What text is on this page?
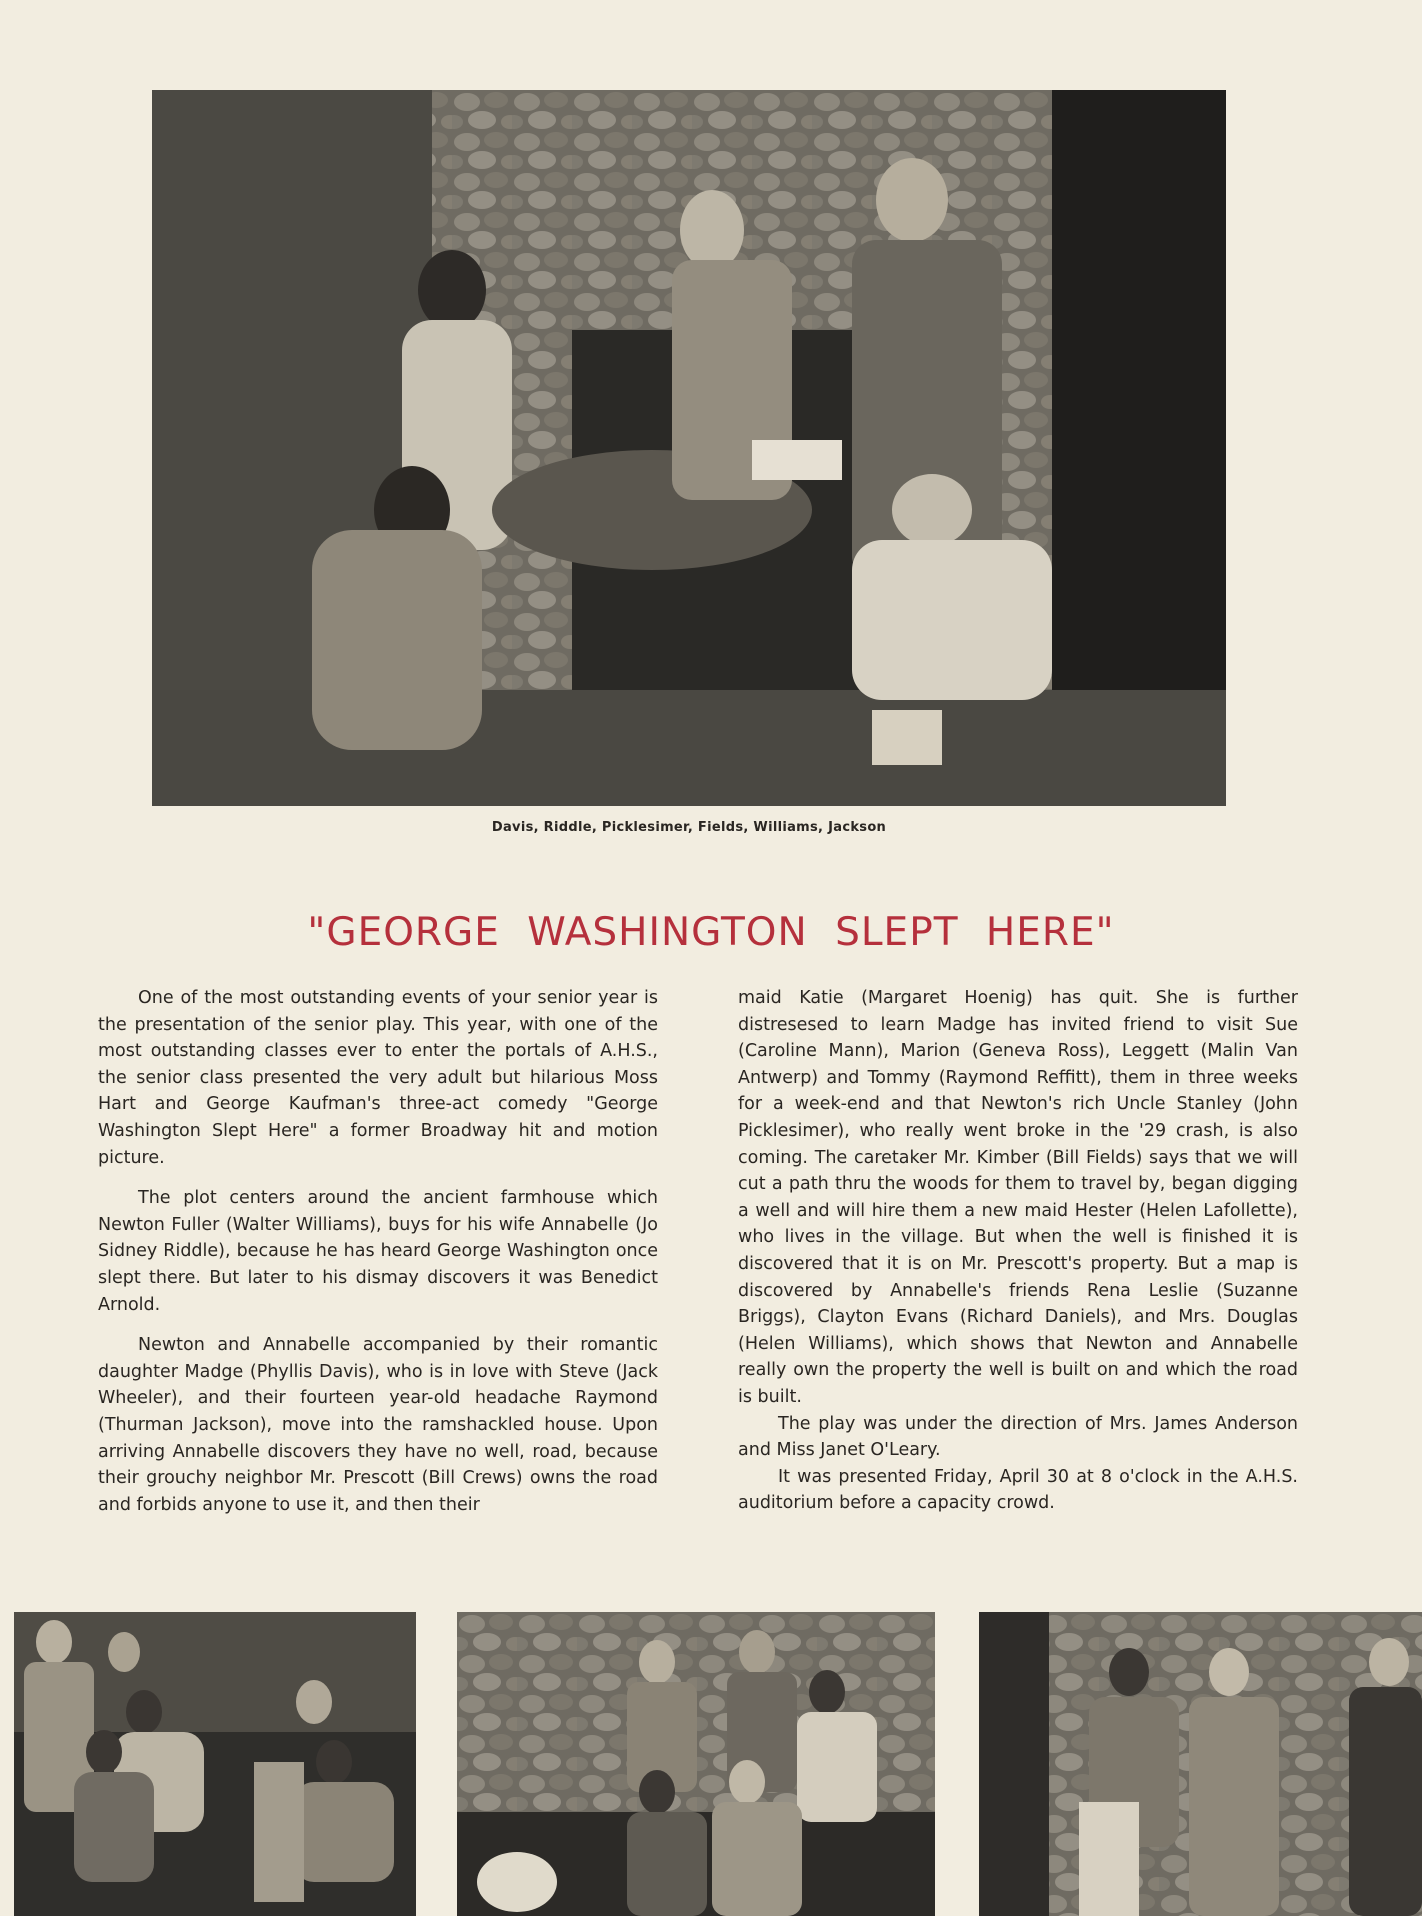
Davis, Riddle, Picklesimer, Fields, Williams, Jackson
"GEORGE WASHINGTON SLEPT HERE"

One of the most outstanding events of your senior year is the presentation of the senior play. This year, with one of the most outstanding classes ever to enter the portals of A.H.S., the senior class presented the very adult but hilarious Moss Hart and George Kaufman's three-act comedy "George Washington Slept Here" a former Broadway hit and motion picture.

The plot centers around the ancient farmhouse which Newton Fuller (Walter Williams), buys for his wife Annabelle (Jo Sidney Riddle), because he has heard George Washington once slept there. But later to his dismay discovers it was Benedict Arnold.

Newton and Annabelle accompanied by their romantic daughter Madge (Phyllis Davis), who is in love with Steve (Jack Wheeler), and their fourteen year-old headache Raymond (Thurman Jackson), move into the ramshackled house. Upon arriving Annabelle discovers they have no well, road, because their grouchy neighbor Mr. Prescott (Bill Crews) owns the road and forbids anyone to use it, and then their

maid Katie (Margaret Hoenig) has quit. She is further distresesed to learn Madge has invited friend to visit Sue (Caroline Mann), Marion (Geneva Ross), Leggett (Malin Van Antwerp) and Tommy (Raymond Reffitt), them in three weeks for a week-end and that Newton's rich Uncle Stanley (John Picklesimer), who really went broke in the '29 crash, is also coming. The caretaker Mr. Kimber (Bill Fields) says that we will cut a path thru the woods for them to travel by, began digging a well and will hire them a new maid Hester (Helen Lafollette), who lives in the village. But when the well is finished it is discovered that it is on Mr. Prescott's property. But a map is discovered by Annabelle's friends Rena Leslie (Suzanne Briggs), Clayton Evans (Richard Daniels), and Mrs. Douglas (Helen Williams), which shows that Newton and Annabelle really own the property the well is built on and which the road is built.

The play was under the direction of Mrs. James Anderson and Miss Janet O'Leary.

It was presented Friday, April 30 at 8 o'clock in the A.H.S. auditorium before a capacity crowd.
